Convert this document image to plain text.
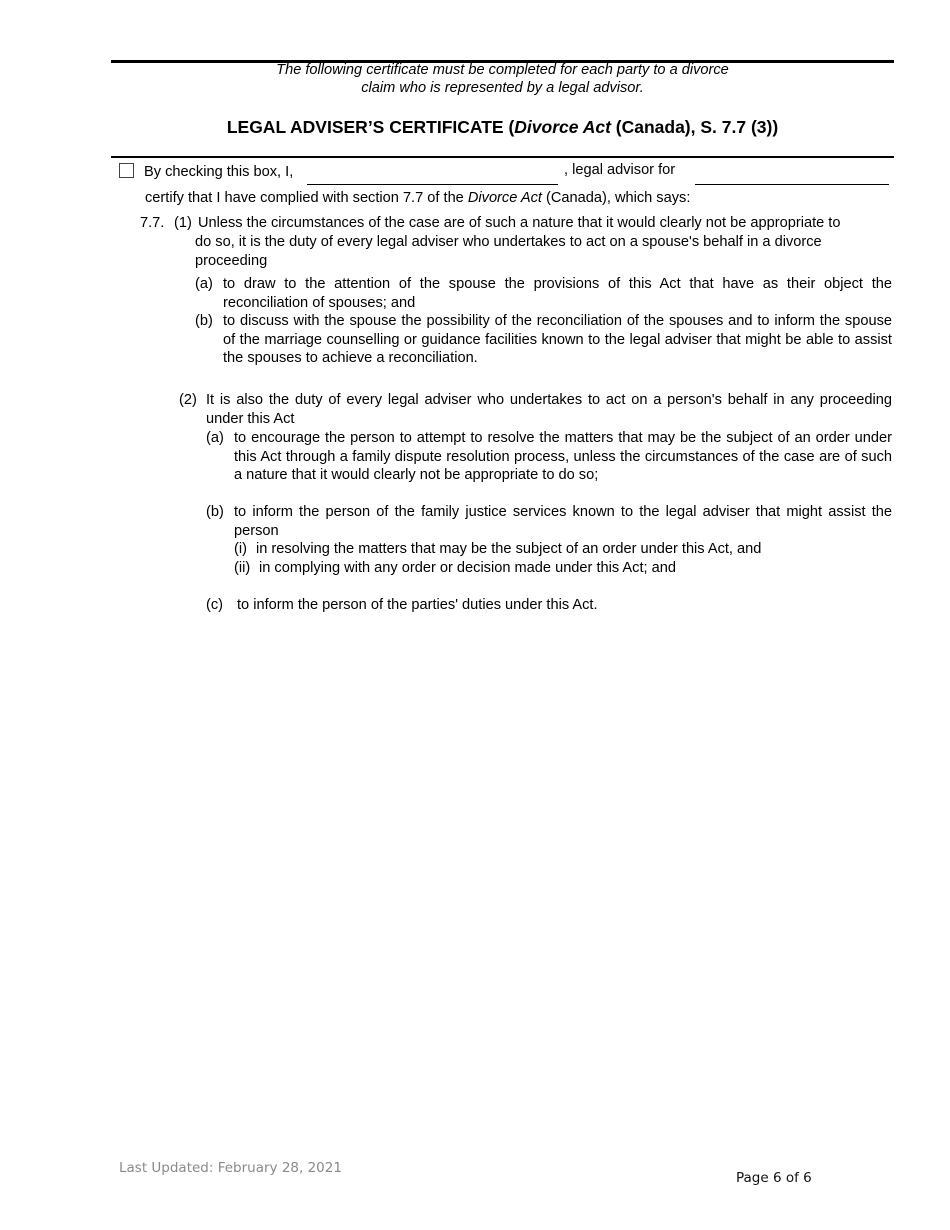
The following certificate must be completed for each party to a divorce
claim who is represented by a legal advisor.
LEGAL ADVISER’S CERTIFICATE (Divorce Act (Canada), S. 7.7 (3))
By checking this box, I,	, legal advisor for
certify that I have complied with section 7.7 of the Divorce Act (Canada), which says:
7.7. (1) Unless the circumstances of the case are of such a nature that it would clearly not be appropriate to
do so, it is the duty of every legal adviser who undertakes to act on a spouse's behalf in a divorce proceeding
(a) to draw to the attention of the spouse the provisions of this Act that have as their object the reconciliation of spouses; and
(b) to discuss with the spouse the possibility of the reconciliation of the spouses and to inform the spouse of the marriage counselling or guidance facilities known to the legal adviser that might be able to assist the spouses to achieve a reconciliation.
(2) It is also the duty of every legal adviser who undertakes to act on a person's behalf in any proceeding under this Act
(a) to encourage the person to attempt to resolve the matters that may be the subject of an order under this Act through a family dispute resolution process, unless the circumstances of the case are of such a nature that it would clearly not be appropriate to do so;
(b) to inform the person of the family justice services known to the legal adviser that might assist the person
(i) in resolving the matters that may be the subject of an order under this Act, and
(ii) in complying with any order or decision made under this Act; and
(c) to inform the person of the parties' duties under this Act.
Last Updated: February 28, 2021
Page 6 of 6
